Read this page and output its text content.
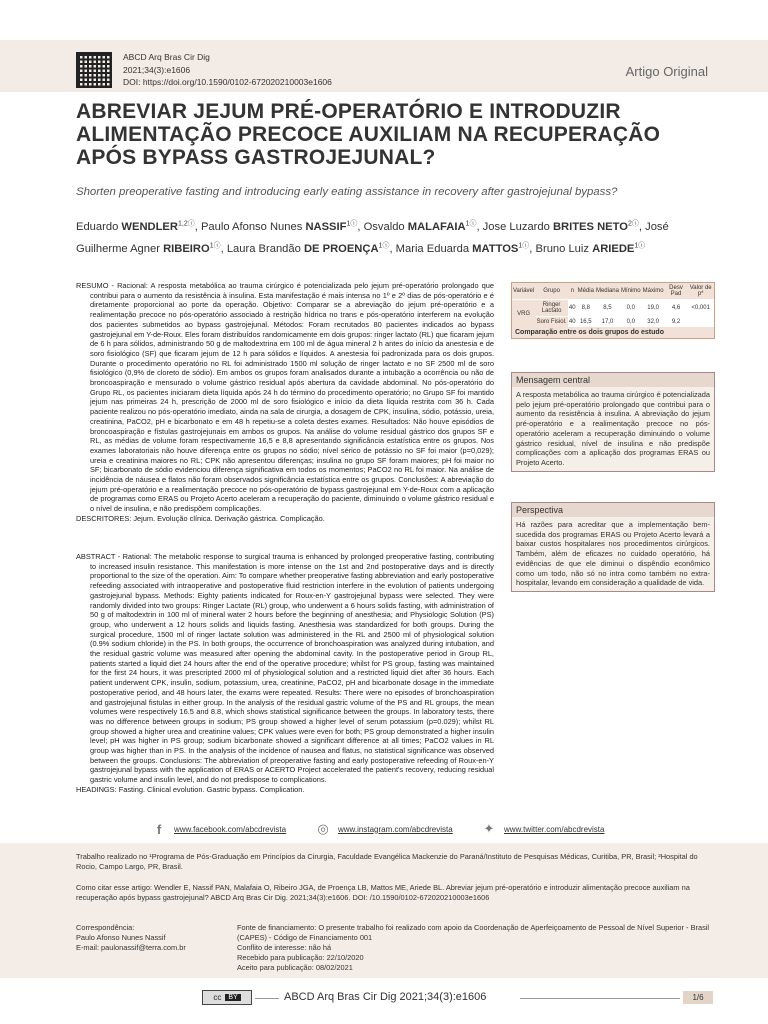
ABCD Arq Bras Cir Dig
2021;34(3):e1606
DOI: https://doi.org/10.1590/0102-672020210003e1606
Artigo Original
ABREVIAR JEJUM PRÉ-OPERATÓRIO E INTRODUZIR ALIMENTAÇÃO PRECOCE AUXILIAM NA RECUPERAÇÃO APÓS BYPASS GASTROJEJUNAL?
Shorten preoperative fasting and introducing early eating assistance in recovery after gastrojejunal bypass?
Eduardo $WENDLER^{1,2ⓘ}$, Paulo Afonso Nunes $NASSIF^{1ⓘ}$, Osvaldo $MALAFAIA^{1ⓘ}$, Jose Luzardo BRITES $NETO^{2ⓘ}$, José Guilherme Agner $RIBEIRO^{1ⓘ}$, Laura Brandão DE $PROENÇA^{1ⓘ}$, Maria Eduarda $MATTOS^{1ⓘ}$, Bruno Luiz $ARIEDE^{1ⓘ}$

RESUMO - Racional: A resposta metabólica ao trauma cirúrgico é potencializada pelo jejum pré-operatório prolongado que contribui para o aumento da resistência à insulina. Esta manifestação é mais intensa no 1º e 2º dias de pós-operatório e é diretamente proporcional ao porte da operação. Objetivo: Comparar se a abreviação do jejum pré-operatório e a realimentação precoce no pós-operatório associado à restrição hídrica no trans e pós-operatório interferem na evolução dos pacientes submetidos ao bypass gastrojejunal. Métodos: Foram recrutados 80 pacientes indicados ao bypass gastrojejunal em Y-de-Roux. Eles foram distribuídos randomicamente em dois grupos: ringer lactato (RL) que ficaram jejum de 6 h para sólidos, administrando 50 g de maltodextrina em 100 ml de água mineral 2 h antes do início da anestesia e de soro fisiológico (SF) que ficaram jejum de 12 h para sólidos e líquidos. A anestesia foi padronizada para os dois grupos. Durante o procedimento operatório no RL foi administrado 1500 ml solução de ringer lactato e no SF 2500 ml de soro fisiológico (0,9% de cloreto de sódio). Em ambos os grupos foram analisados durante a intubação a ocorrência ou não de broncoaspiração e mensurado o volume gástrico residual após abertura da cavidade abdominal. No pós-operatório do Grupo RL, os pacientes iniciaram dieta líquida após 24 h do término do procedimento operatório; no Grupo SF foi mantido jejum nas primeiras 24 h, prescrição de 2000 ml de soro fisiológico e início da dieta líquida restrita com 36 h. Cada paciente realizou no pós-operatório imediato, ainda na sala de cirurgia, a dosagem de CPK, insulina, sódio, potássio, ureia, creatinina, PaCO2, pH e bicarbonato e em 48 h repetiu-se a coleta destes exames. Resultados: Não houve episódios de broncoaspiração e fístulas gastrojejunais em ambos os grupos. Na análise do volume residual gástrico dos grupos SF e RL, as médias de volume foram respectivamente 16,5 e 8,8 apresentando significância estatística entre os grupos. Nos exames laboratoriais não houve diferença entre os grupos no sódio; nível sérico de potássio no SF foi maior (p=0,029); ureia e creatinina maiores no RL; CPK não apresentou diferenças; insulina no grupo SF foram maiores; pH foi maior no SF; bicarbonato de sódio evidenciou diferença significativa em todos os momentos; PaCO2 no RL foi maior. Na análise de incidência de náusea e flatos não foram observados significância estatística entre os grupos. Conclusões: A abreviação do jejum pré-operatório e a realimentação precoce no pós-operatório de bypass gastrojejunal em Y-de-Roux com a aplicação de programas como ERAS ou Projeto Acerto aceleram a recuperação do paciente, diminuindo o volume gástrico residual e o nível de insulina, e não predispõem complicações.

DESCRITORES: Jejum. Evolução clínica. Derivação gástrica. Complicação.

ABSTRACT - Rational: The metabolic response to surgical trauma is enhanced by prolonged preoperative fasting, contributing to increased insulin resistance. This manifestation is more intense on the 1st and 2nd postoperative days and is directly proportional to the size of the operation. Aim: To compare whether preoperative fasting abbreviation and early postoperative refeeding associated with intraoperative and postoperative fluid restriction interfere in the evolution of patients undergoing gastrojejunal bypass. Methods: Eighty patients indicated for Roux-en-Y gastrojejunal bypass were selected. They were randomly divided into two groups: Ringer Lactate (RL) group, who underwent a 6 hours solids fasting, with administration of 50 g of maltodextrin in 100 ml of mineral water 2 hours before the beginning of anesthesia; and Physiologic Solution (PS) group, who underwent a 12 hours solids and liquids fasting. Anesthesia was standardized for both groups. During the surgical procedure, 1500 ml of ringer lactate solution was administered in the RL and 2500 ml of physiological solution (0.9% sodium chloride) in the PS. In both groups, the occurrence of bronchoaspiration was analyzed during intubation, and the residual gastric volume was measured after opening the abdominal cavity. In the postoperative period in Group RL, patients started a liquid diet 24 hours after the end of the operative procedure; whilst for PS group, fasting was maintained for the first 24 hours, it was prescripted 2000 ml of physiological solution and a restricted liquid diet after 36 hours. Each patient underwent CPK, insulin, sodium, potassium, urea, creatinine, PaCO2, pH and bicarbonate dosage in the immediate postoperative period, and 48 hours later, the exams were repeated. Results: There were no episodes of bronchoaspiration and gastrojejunal fistulas in either group. In the analysis of the residual gastric volume of the PS and RL groups, the mean volumes were respectively 16.5 and 8.8, which shows statistical significance between the groups. In laboratory tests, there was no difference between groups in sodium; PS group showed a higher level of serum potassium (p=0.029); whilst RL group showed a higher urea and creatinine values; CPK values were even for both; PS group demonstrated a higher insulin level; pH was higher in PS group; sodium bicarbonate showed a significant difference at all times; PaCO2 values in RL group was higher than in PS. In the analysis of the incidence of nausea and flatus, no statistical significance was observed between the groups. Conclusions: The abbreviation of preoperative fasting and early postoperative refeeding of Roux-en-Y gastrojejunal bypass with the application of ERAS or ACERTO Project accelerated the patient's recovery, reducing residual gastric volume and insulin level, and do not predispose to complications.

HEADINGS: Fasting. Clinical evolution. Gastric bypass. Complication.

Variável	Grupo	n	Média	Mediana	Mínimo	Máximo	Desv Pad	Valor de p*
VRG	Ringer Lactato	40	8,8	8,5	0,0	19,0	4,6	<0,001
	Soro Fisiol.	40	16,5	17,0	0,0	32,0	9,2	
Comparação entre os dois grupos do estudo
Mensagem central
A resposta metabólica ao trauma cirúrgico é potencializada pelo jejum pré-operatório prolongado que contribui para o aumento da resistência à insulina. A abreviação do jejum pré-operatório e a realimentação precoce no pós-operatório aceleram a recuperação diminuindo o volume gástrico residual, nível de insulina e não predispõe complicações com a aplicação dos programas ERAS ou Projeto Acerto.
Perspectiva
Há razões para acreditar que a implementação bem-sucedida dos programas ERAS ou Projeto Acerto levará a baixar custos hospitalares nos procedimentos cirúrgicos. Também, além de eficazes no cuidado operatório, há evidências de que ele diminui o dispêndio econômico como um todo, não só no intra como também no extra-hospitalar, levando em consideração a qualidade de vida.
f	www.facebook.com/abcdrevista ◎	www.instagram.com/abcdrevista ✦	www.twitter.com/abcdrevista
Trabalho realizado no ¹Programa de Pós-Graduação em Princípios da Cirurgia, Faculdade Evangélica Mackenzie do Paraná/Instituto de Pesquisas Médicas, Curitiba, PR, Brasil; ²Hospital do Rocio, Campo Largo, PR, Brasil.
Como citar esse artigo: Wendler E, Nassif PAN, Malafaia O, Ribeiro JGA, de Proença LB, Mattos ME, Ariede BL. Abreviar jejum pré-operatório e introduzir alimentação precoce auxiliam na recuperação após bypass gastrojejunal? ABCD Arq Bras Cir Dig. 2021;34(3):e1606. DOI: /10.1590/0102-672020210003e1606
Correspondência:
Paulo Afonso Nunes Nassif
E-mail: paulonassif@terra.com.br
Fonte de financiamento: O presente trabalho foi realizado com apoio da Coordenação de Aperfeiçoamento de Pessoal de Nível Superior - Brasil (CAPES) - Código de Financiamento 001
Conflito de interesse: não há
Recebido para publicação: 22/10/2020
Aceito para publicação: 08/02/2021
cc	BY	ABCD Arq Bras Cir Dig 2021;34(3):e1606	1/6
